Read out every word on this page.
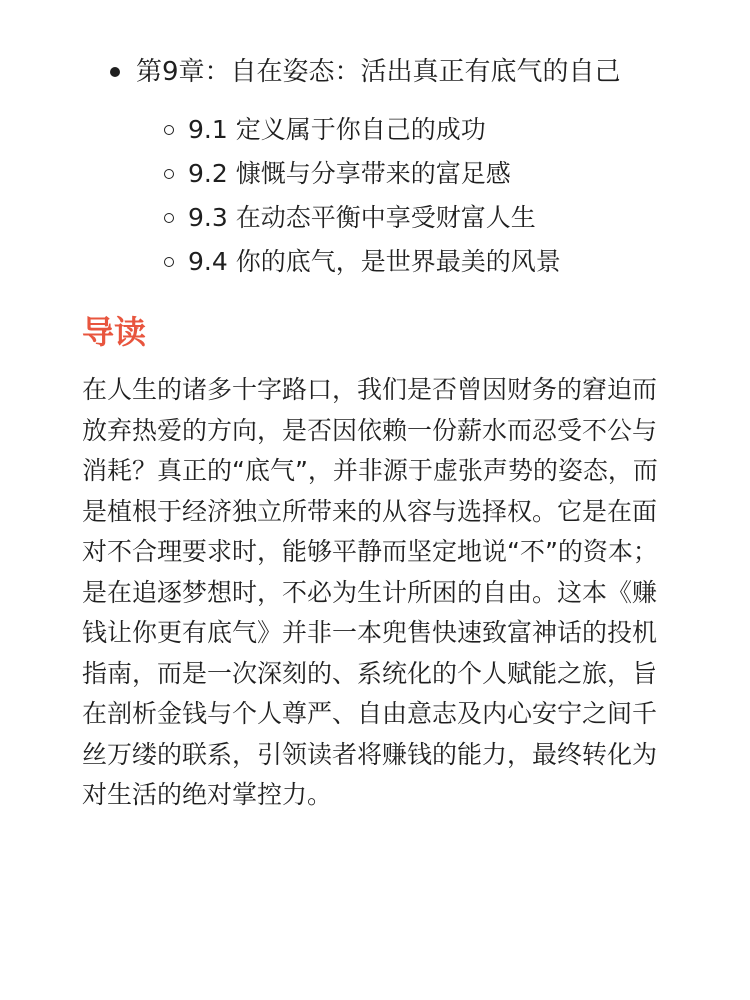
第9章：自在姿态：活出真正有底气的自己
9.1 定义属于你自己的成功
9.2 慷慨与分享带来的富足感
9.3 在动态平衡中享受财富人生
9.4 你的底气，是世界最美的风景
导读

在人生的诸多十字路口，我们是否曾因财务的窘迫而放弃热爱的方向，是否因依赖一份薪水而忍受不公与消耗？真正的“底气”，并非源于虚张声势的姿态，而是植根于经济独立所带来的从容与选择权。它是在面对不合理要求时，能够平静而坚定地说“不”的资本；是在追逐梦想时，不必为生计所困的自由。这本《赚钱让你更有底气》并非一本兜售快速致富神话的投机指南，而是一次深刻的、系统化的个人赋能之旅，旨在剖析金钱与个人尊严、自由意志及内心安宁之间千丝万缕的联系，引领读者将赚钱的能力，最终转化为对生活的绝对掌控力。
